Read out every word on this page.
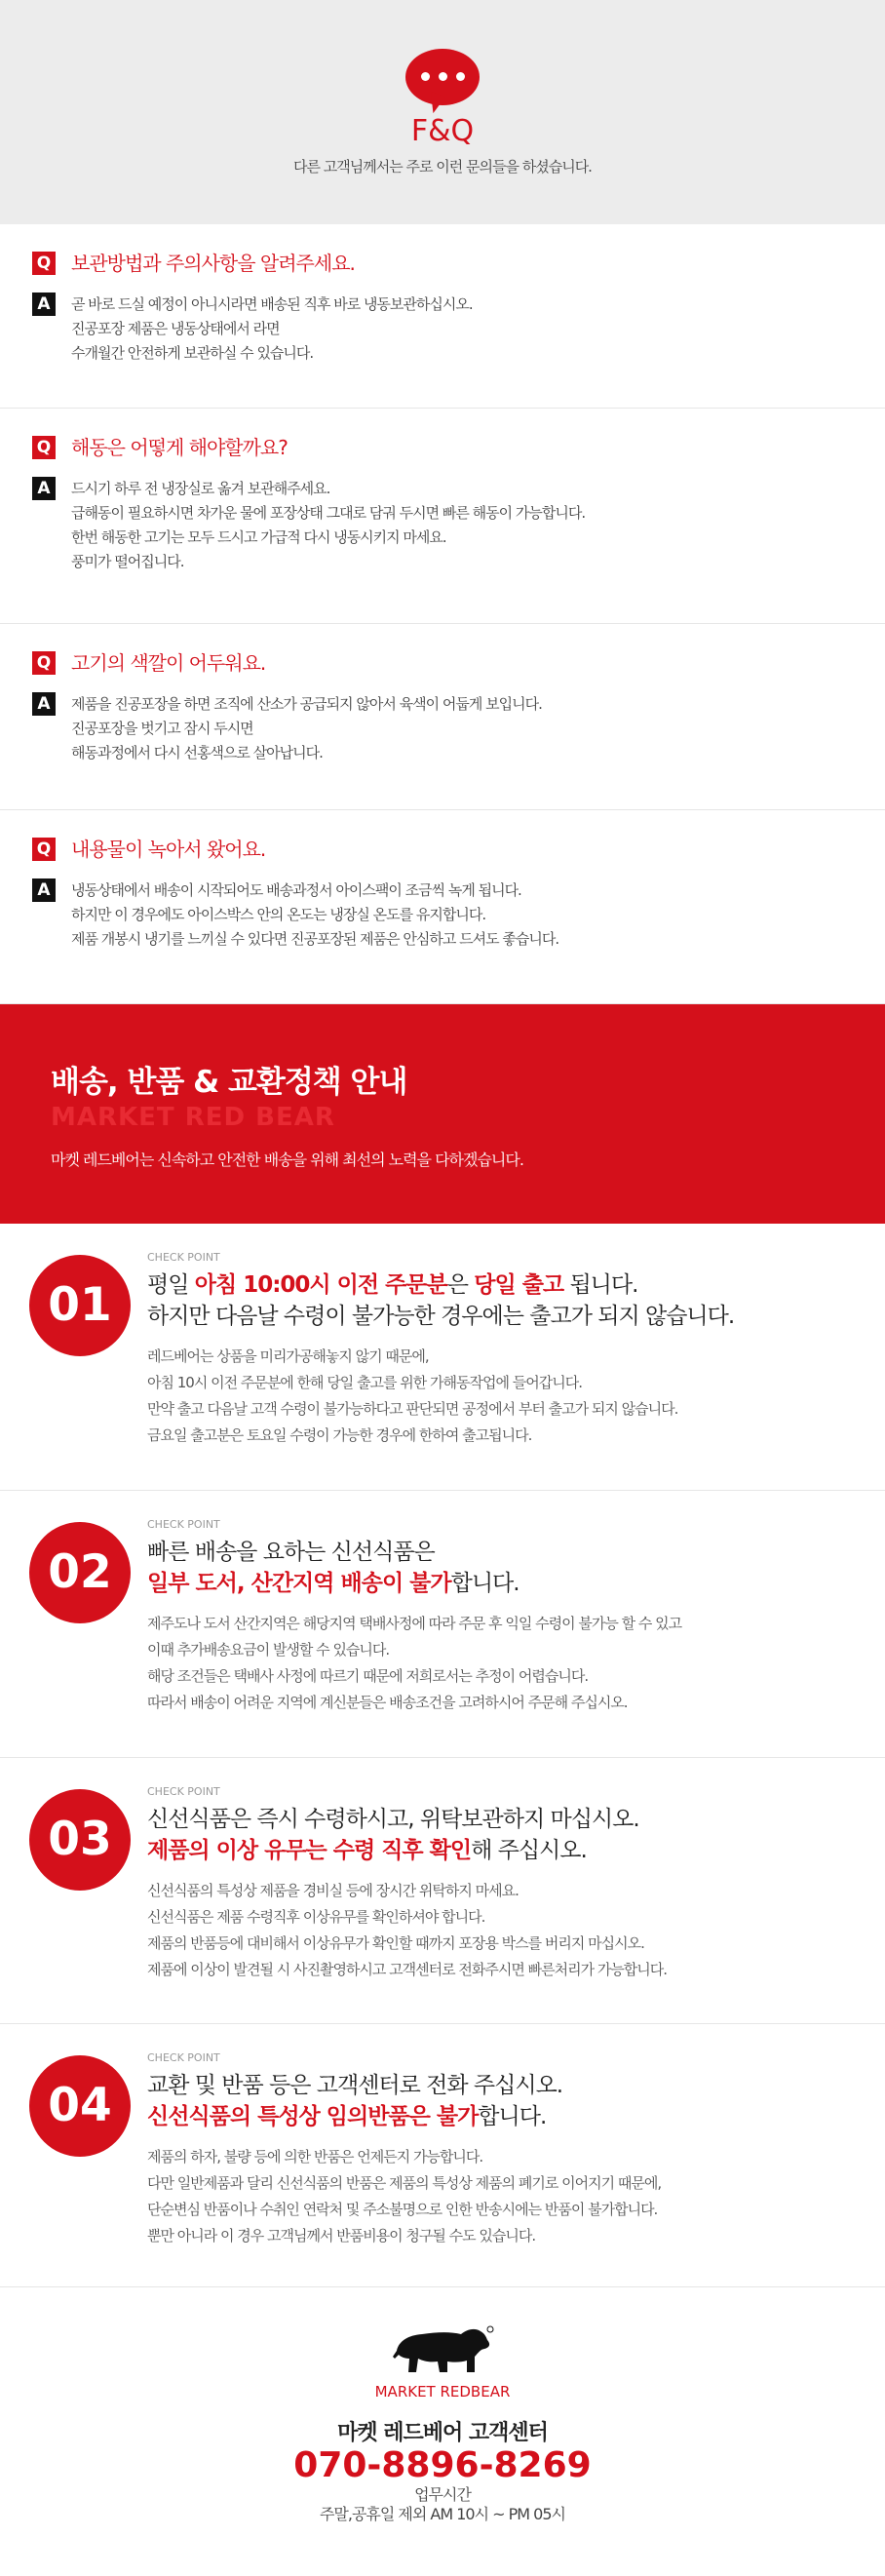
F&Q
다른 고객님께서는 주로 이런 문의들을 하셨습니다.
Q 보관방법과 주의사항을 알려주세요.
A	곧 바로 드실 예정이 아니시라면 배송된 직후 바로 냉동보관하십시오.
진공포장 제품은 냉동상태에서 라면
수개월간 안전하게 보관하실 수 있습니다.
Q 해동은 어떻게 해야할까요?
A	드시기 하루 전 냉장실로 옮겨 보관해주세요.
급해동이 필요하시면 차가운 물에 포장상태 그대로 담궈 두시면 빠른 해동이 가능합니다.
한번 해동한 고기는 모두 드시고 가급적 다시 냉동시키지 마세요.
풍미가 떨어집니다.
Q 고기의 색깔이 어두워요.
A	제품을 진공포장을 하면 조직에 산소가 공급되지 않아서 육색이 어둡게 보입니다.
진공포장을 벗기고 잠시 두시면
해동과정에서 다시 선홍색으로 살아납니다.
Q 내용물이 녹아서 왔어요.
A	냉동상태에서 배송이 시작되어도 배송과정서 아이스팩이 조금씩 녹게 됩니다.
하지만 이 경우에도 아이스박스 안의 온도는 냉장실 온도를 유지합니다.
제품 개봉시 냉기를 느끼실 수 있다면 진공포장된 제품은 안심하고 드셔도 좋습니다.
배송, 반품 & 교환정책 안내
MARKET RED BEAR
마켓 레드베어는 신속하고 안전한 배송을 위해 최선의 노력을 다하겠습니다.
01
CHECK POINT
평일 아침 10:00시 이전 주문분은 당일 출고 됩니다.
하지만 다음날 수령이 불가능한 경우에는 출고가 되지 않습니다.
레드베어는 상품을 미리가공해놓지 않기 때문에,
아침 10시 이전 주문분에 한해 당일 출고를 위한 가해동작업에 들어갑니다.
만약 출고 다음날 고객 수령이 불가능하다고 판단되면 공정에서 부터 출고가 되지 않습니다.
금요일 출고분은 토요일 수령이 가능한 경우에 한하여 출고됩니다.
02
CHECK POINT
빠른 배송을 요하는 신선식품은
일부 도서, 산간지역 배송이 불가합니다.
제주도나 도서 산간지역은 해당지역 택배사정에 따라 주문 후 익일 수령이 불가능 할 수 있고
이때 추가배송요금이 발생할 수 있습니다.
해당 조건들은 택배사 사정에 따르기 때문에 저희로서는 추정이 어렵습니다.
따라서 배송이 어려운 지역에 계신분들은 배송조건을 고려하시어 주문해 주십시오.
03
CHECK POINT
신선식품은 즉시 수령하시고, 위탁보관하지 마십시오.
제품의 이상 유무는 수령 직후 확인해 주십시오.
신선식품의 특성상 제품을 경비실 등에 장시간 위탁하지 마세요.
신선식품은 제품 수령직후 이상유무를 확인하셔야 합니다.
제품의 반품등에 대비해서 이상유무가 확인할 때까지 포장용 박스를 버리지 마십시오.
제품에 이상이 발견될 시 사진촬영하시고 고객센터로 전화주시면 빠른처리가 가능합니다.
04
CHECK POINT
교환 및 반품 등은 고객센터로 전화 주십시오.
신선식품의 특성상 임의반품은 불가합니다.
제품의 하자, 불량 등에 의한 반품은 언제든지 가능합니다.
다만 일반제품과 달리 신선식품의 반품은 제품의 특성상 제품의 폐기로 이어지기 때문에,
단순변심 반품이나 수취인 연락처 및 주소불명으로 인한 반송시에는 반품이 불가합니다.
뿐만 아니라 이 경우 고객님께서 반품비용이 청구될 수도 있습니다.
MARKET REDBEAR
마켓 레드베어 고객센터
070-8896-8269
업무시간
주말,공휴일 제외 AM 10시 ~ PM 05시
